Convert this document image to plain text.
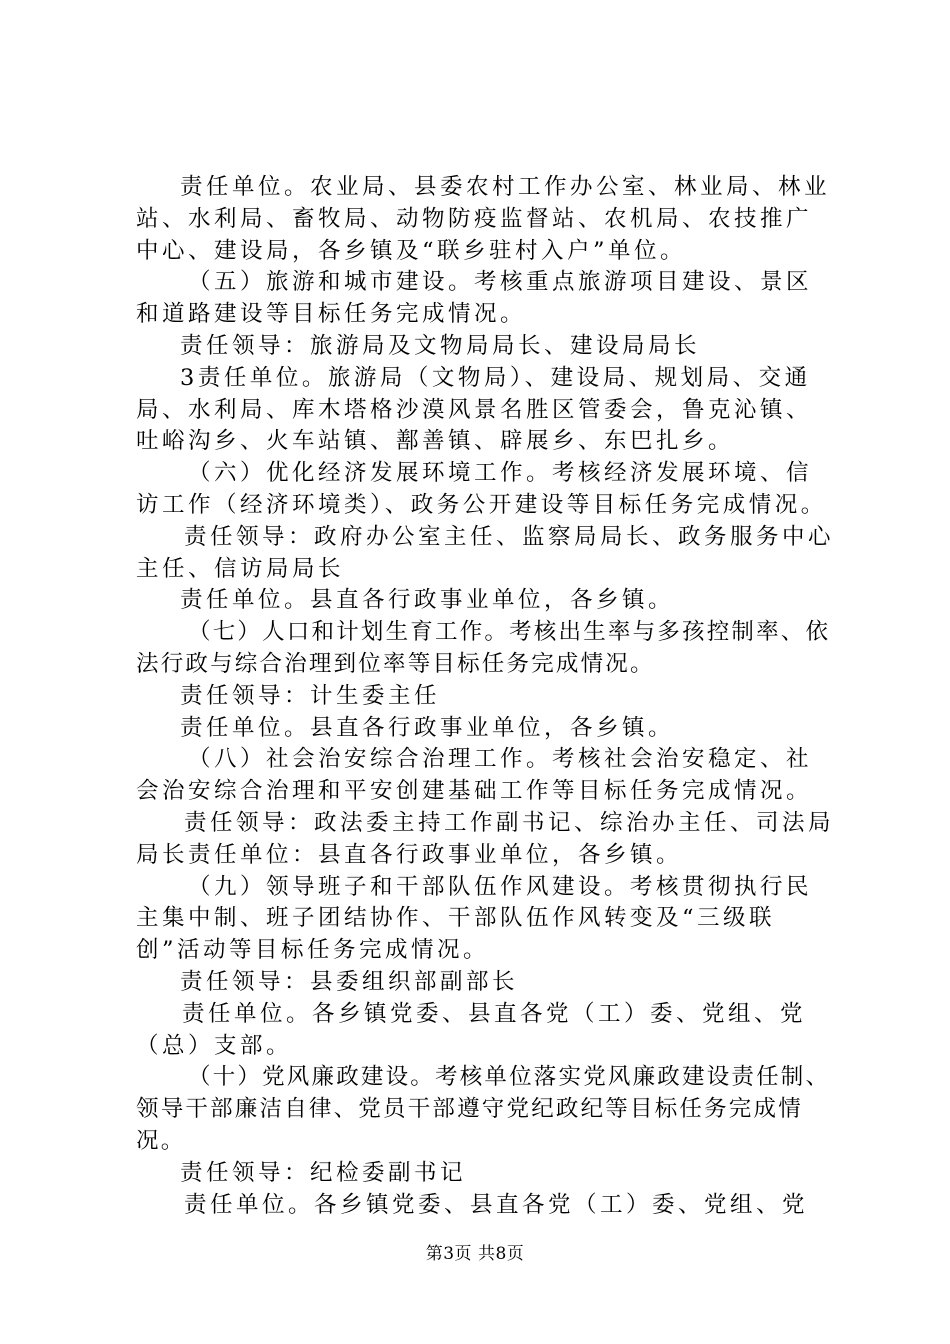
责任单位。农业局、县委农村工作办公室、林业局、林业站、水利局、畜牧局、动物防疫监督站、农机局、农技推广中心、建设局，各乡镇及“联乡驻村入户”单位。

（五）旅游和城市建设。考核重点旅游项目建设、景区和道路建设等目标任务完成情况。

责任领导：旅游局及文物局局长、建设局局长

3责任单位。旅游局（文物局）、建设局、规划局、交通局、水利局、库木塔格沙漠风景名胜区管委会，鲁克沁镇、吐峪沟乡、火车站镇、鄯善镇、辟展乡、东巴扎乡。

（六）优化经济发展环境工作。考核经济发展环境、信访工作（经济环境类）、政务公开建设等目标任务完成情况。

责任领导：政府办公室主任、监察局局长、政务服务中心主任、信访局局长

责任单位。县直各行政事业单位，各乡镇。

（七）人口和计划生育工作。考核出生率与多孩控制率、依法行政与综合治理到位率等目标任务完成情况。

责任领导：计生委主任

责任单位。县直各行政事业单位，各乡镇。

（八）社会治安综合治理工作。考核社会治安稳定、社会治安综合治理和平安创建基础工作等目标任务完成情况。

责任领导：政法委主持工作副书记、综治办主任、司法局局长责任单位：县直各行政事业单位，各乡镇。

（九）领导班子和干部队伍作风建设。考核贯彻执行民主集中制、班子团结协作、干部队伍作风转变及“三级联创”活动等目标任务完成情况。

责任领导：县委组织部副部长

责任单位。各乡镇党委、县直各党（工）委、党组、党（总）支部。

（十）党风廉政建设。考核单位落实党风廉政建设责任制、领导干部廉洁自律、党员干部遵守党纪政纪等目标任务完成情况。

责任领导：纪检委副书记

责任单位。各乡镇党委、县直各党（工）委、党组、党

第3页 共8页
